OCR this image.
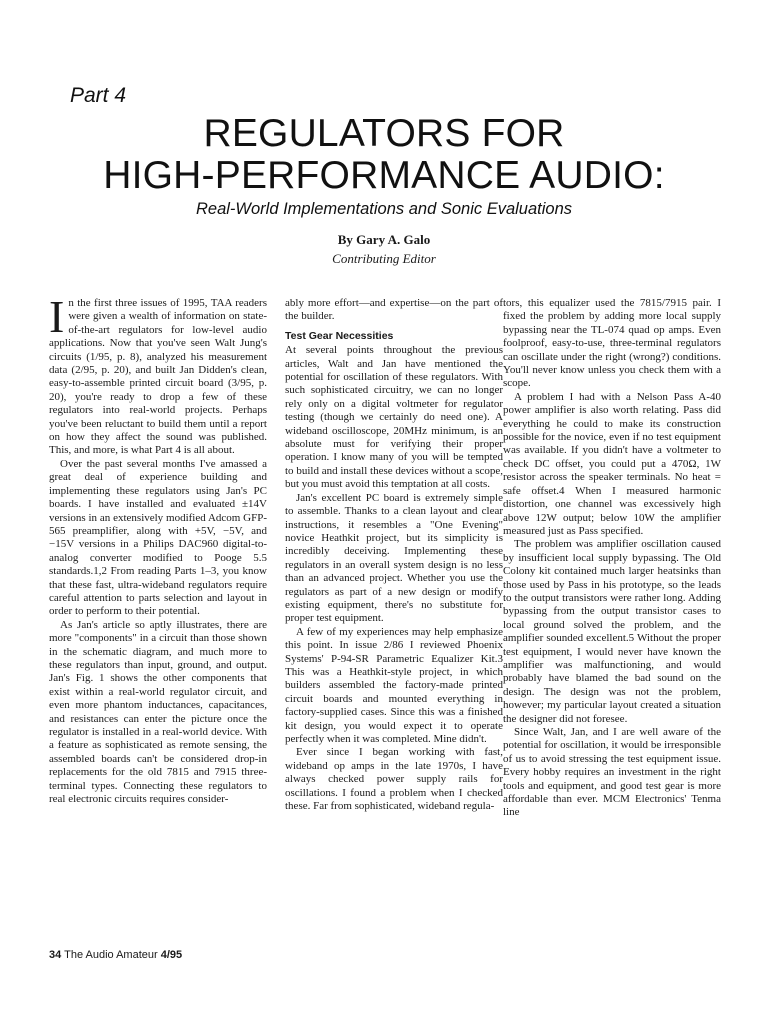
Part 4
REGULATORS FOR
HIGH-PERFORMANCE AUDIO:
Real-World Implementations and Sonic Evaluations
By Gary A. Galo
Contributing Editor

In the first three issues of 1995, TAA readers were given a wealth of information on state-of-the-art regulators for low-level audio applications. Now that you've seen Walt Jung's circuits (1/95, p. 8), analyzed his measurement data (2/95, p. 20), and built Jan Didden's clean, easy-to-assemble printed circuit board (3/95, p. 20), you're ready to drop a few of these regulators into real-world projects. Perhaps you've been reluctant to build them until a report on how they affect the sound was published. This, and more, is what Part 4 is all about.

Over the past several months I've amassed a great deal of experience building and implementing these regulators using Jan's PC boards. I have installed and evaluated ±14V versions in an extensively modified Adcom GFP-565 preamplifier, along with +5V, −5V, and −15V versions in a Philips DAC960 digital-to-analog converter modified to Pooge 5.5 standards.1,2 From reading Parts 1–3, you know that these fast, ultra-wideband regulators require careful attention to parts selection and layout in order to perform to their potential.

As Jan's article so aptly illustrates, there are more "components" in a circuit than those shown in the schematic diagram, and much more to these regulators than input, ground, and output. Jan's Fig. 1 shows the other components that exist within a real-world regulator circuit, and even more phantom inductances, capacitances, and resistances can enter the picture once the regulator is installed in a real-world device. With a feature as sophisticated as remote sensing, the assembled boards can't be considered drop-in replacements for the old 7815 and 7915 three-terminal types. Connecting these regulators to real electronic circuits requires consider-

ably more effort—and expertise—on the part of the builder.

Test Gear Necessities

At several points throughout the previous articles, Walt and Jan have mentioned the potential for oscillation of these regulators. With such sophisticated circuitry, we can no longer rely only on a digital voltmeter for regulator testing (though we certainly do need one). A wideband oscilloscope, 20MHz minimum, is an absolute must for verifying their proper operation. I know many of you will be tempted to build and install these devices without a scope, but you must avoid this temptation at all costs.

Jan's excellent PC board is extremely simple to assemble. Thanks to a clean layout and clear instructions, it resembles a "One Evening" novice Heathkit project, but its simplicity is incredibly deceiving. Implementing these regulators in an overall system design is no less than an advanced project. Whether you use the regulators as part of a new design or modify existing equipment, there's no substitute for proper test equipment.

A few of my experiences may help emphasize this point. In issue 2/86 I reviewed Phoenix Systems' P-94-SR Parametric Equalizer Kit.3 This was a Heathkit-style project, in which builders assembled the factory-made printed circuit boards and mounted everything in factory-supplied cases. Since this was a finished kit design, you would expect it to operate perfectly when it was completed. Mine didn't.

Ever since I began working with fast, wideband op amps in the late 1970s, I have always checked power supply rails for oscillations. I found a problem when I checked these. Far from sophisticated, wideband regula-

tors, this equalizer used the 7815/7915 pair. I fixed the problem by adding more local supply bypassing near the TL-074 quad op amps. Even foolproof, easy-to-use, three-terminal regulators can oscillate under the right (wrong?) conditions. You'll never know unless you check them with a scope.

A problem I had with a Nelson Pass A-40 power amplifier is also worth relating. Pass did everything he could to make its construction possible for the novice, even if no test equipment was available. If you didn't have a voltmeter to check DC offset, you could put a 470Ω, 1W resistor across the speaker terminals. No heat = safe offset.4 When I measured harmonic distortion, one channel was excessively high above 12W output; below 10W the amplifier measured just as Pass specified.

The problem was amplifier oscillation caused by insufficient local supply bypassing. The Old Colony kit contained much larger heatsinks than those used by Pass in his prototype, so the leads to the output transistors were rather long. Adding bypassing from the output transistor cases to local ground solved the problem, and the amplifier sounded excellent.5 Without the proper test equipment, I would never have known the amplifier was malfunctioning, and would probably have blamed the bad sound on the design. The design was not the problem, however; my particular layout created a situation the designer did not foresee.

Since Walt, Jan, and I are well aware of the potential for oscillation, it would be irresponsible of us to avoid stressing the test equipment issue. Every hobby requires an investment in the right tools and equipment, and good test gear is more affordable than ever. MCM Electronics' Tenma line

34 The Audio Amateur 4/95
